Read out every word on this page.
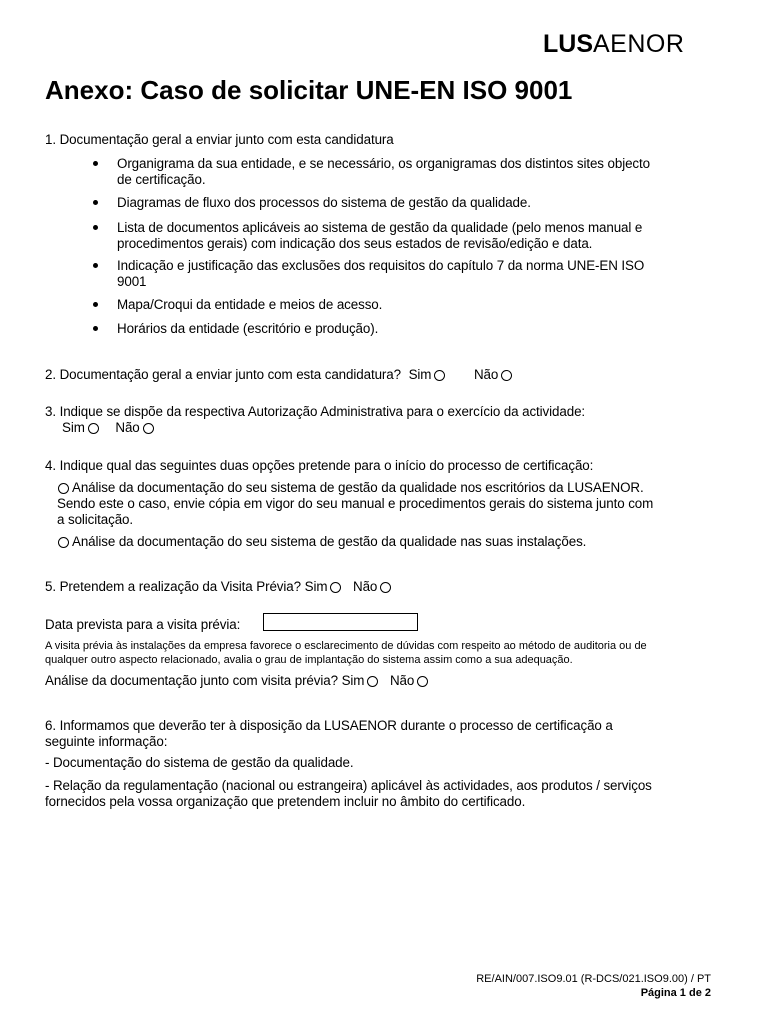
LUSAENOR
Anexo: Caso de solicitar UNE-EN ISO 9001
1. Documentação geral a enviar junto com esta candidatura
Organigrama da sua entidade, e se necessário, os organigramas dos distintos sites objecto
de certificação.
Diagramas de fluxo dos processos do sistema de gestão da qualidade.
Lista de documentos aplicáveis ao sistema de gestão da qualidade (pelo menos manual e
procedimentos gerais) com indicação dos seus estados de revisão/edição e data.
Indicação e justificação das exclusões dos requisitos do capítulo 7 da norma UNE-EN ISO
9001
Mapa/Croqui da entidade e meios de acesso.
Horários da entidade (escritório e produção).
2. Documentação geral a enviar junto com esta candidatura? Sim	Não
3. Indique se dispõe da respectiva Autorização Administrativa para o exercício da actividade:
Sim Não
4. Indique qual das seguintes duas opções pretende para o início do processo de certificação:
Análise da documentação do seu sistema de gestão da qualidade nos escritórios da LUSAENOR.
Sendo este o caso, envie cópia em vigor do seu manual e procedimentos gerais do sistema junto com
a solicitação.
Análise da documentação do seu sistema de gestão da qualidade nas suas instalações.
5. Pretendem a realização da Visita Prévia? Sim Não
Data prevista para a visita prévia:
A visita prévia às instalações da empresa favorece o esclarecimento de dúvidas com respeito ao método de auditoria ou de
qualquer outro aspecto relacionado, avalia o grau de implantação do sistema assim como a sua adequação.
Análise da documentação junto com visita prévia? Sim Não
6. Informamos que deverão ter à disposição da LUSAENOR durante o processo de certificação a
seguinte informação:
- Documentação do sistema de gestão da qualidade.
- Relação da regulamentação (nacional ou estrangeira) aplicável às actividades, aos produtos / serviços
fornecidos pela vossa organização que pretendem incluir no âmbito do certificado.
RE/AIN/007.ISO9.01 (R-DCS/021.ISO9.00) / PT
Página 1 de 2
